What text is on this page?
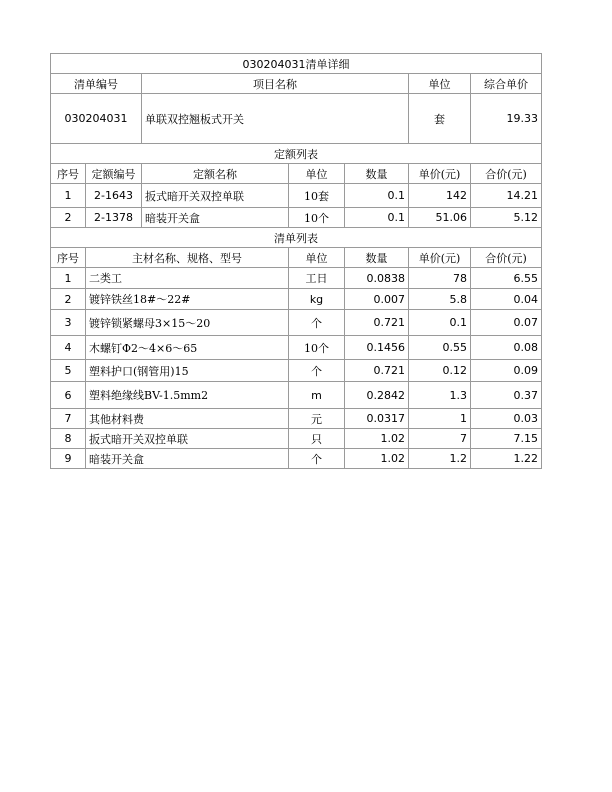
030204031清单详细						
清单编号		项目名称			单位	综合单价
030204031		单联双控翘板式开关			套	19.33
定额列表						
序号	定额编号	定额名称	单位	数量	单价(元)	合价(元)
1	2-1643	扳式暗开关双控单联	10套	0.1	142	14.21
2	2-1378	暗装开关盒	10个	0.1	51.06	5.12
清单列表						
序号	主材名称、规格、型号		单位	数量	单价(元)	合价(元)
1	二类工		工日	0.0838	78	6.55
2	镀锌铁丝18#～22#		kg	0.007	5.8	0.04
3	镀锌锁紧螺母3×15～20		个	0.721	0.1	0.07
4	木螺钉Φ2～4×6～65		10个	0.1456	0.55	0.08
5	塑料护口(钢管用)15		个	0.721	0.12	0.09
6	塑料绝缘线BV-1.5mm2		m	0.2842	1.3	0.37
7	其他材料费		元	0.0317	1	0.03
8	扳式暗开关双控单联		只	1.02	7	7.15
9	暗装开关盒		个	1.02	1.2	1.22
